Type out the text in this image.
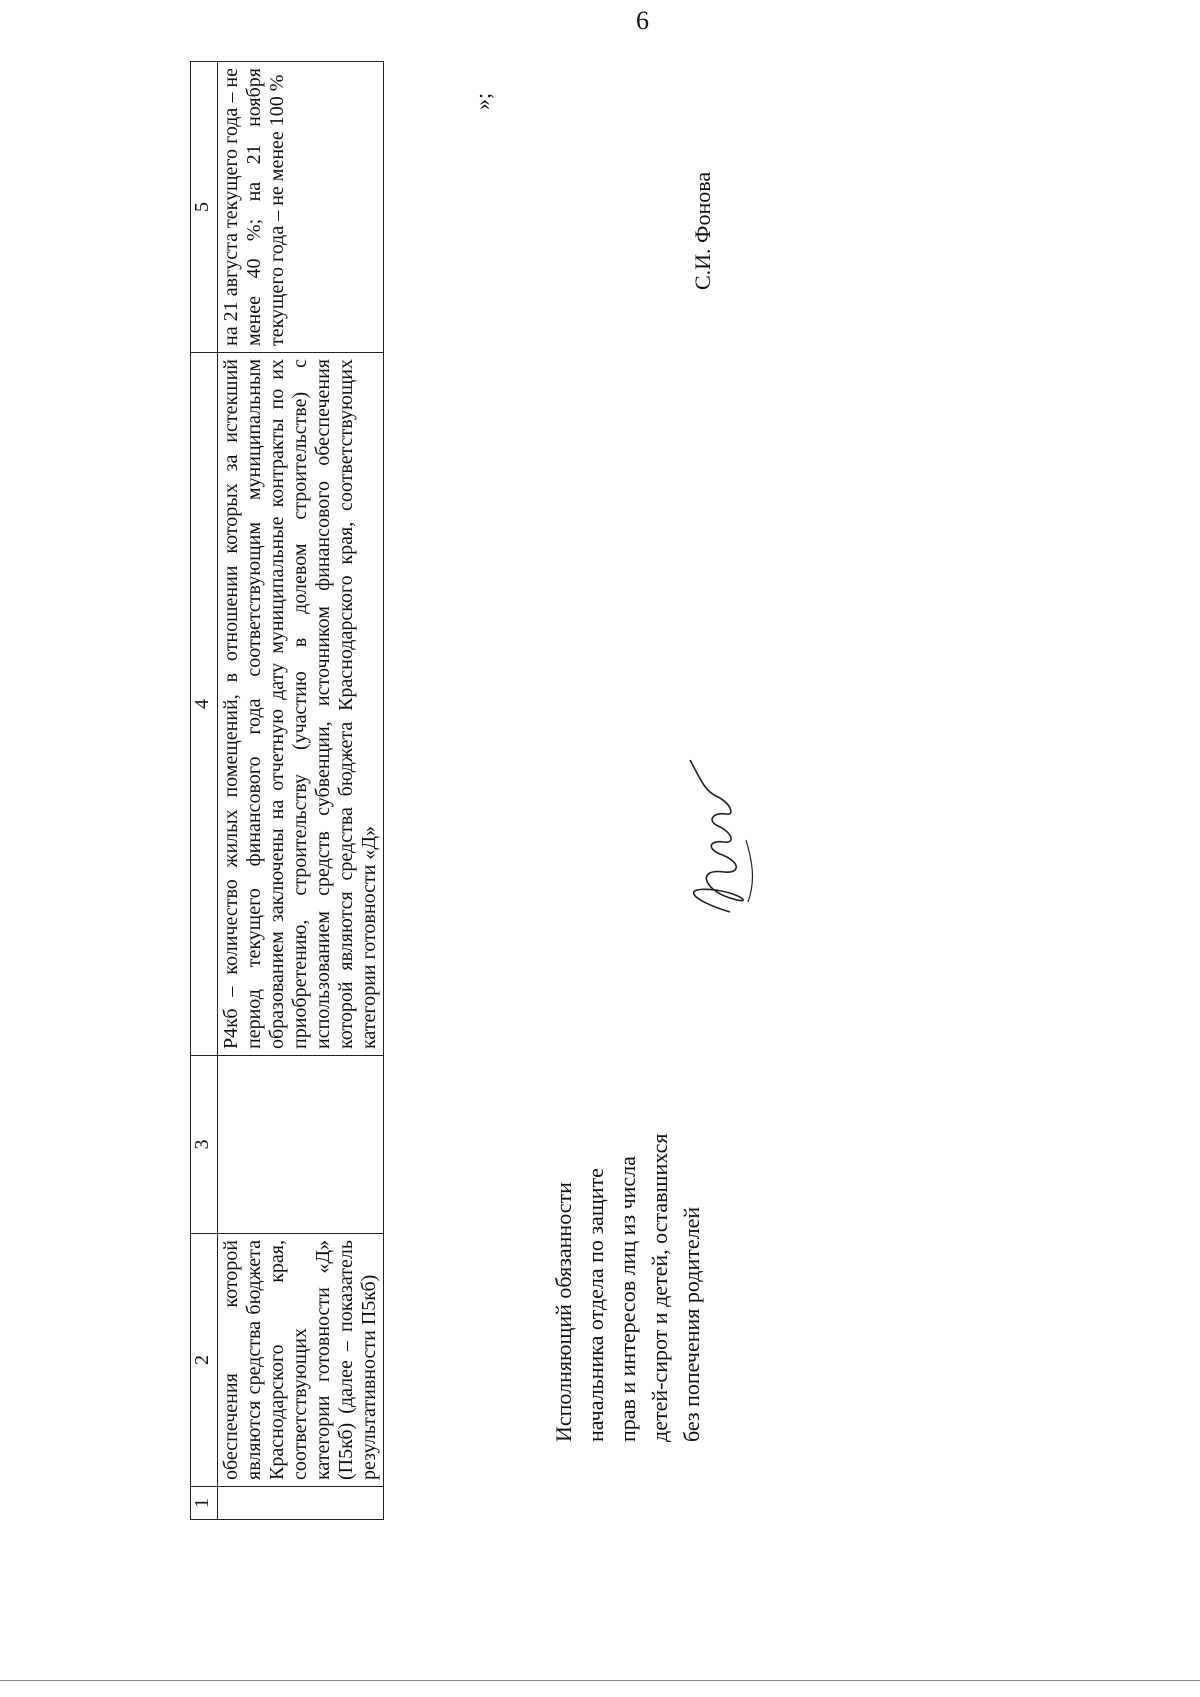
6
1	2	3	4	5
	обеспечения которой являются средства бюджета Краснодарского края, соответствующих категории готовности «Д» (П5кб) (далее – показатель результативности П5кб)		Р4кб – количество жилых помещений, в отношении которых за истекший период текущего финансового года соответствующим муниципальным образованием заключены на отчетную дату муниципальные контракты по их приобретению, строительству (участию в долевом строительстве) с использованием средств субвенции, источником финансового обеспечения которой являются средства бюджета Краснодарского края, соответствующих категории готовности «Д»	на 21 августа текущего года – не менее 40 %; на 21 ноября текущего года – не менее 100 %	»;
Исполняющий обязанности начальника отдела по защите прав и интересов лиц из числа детей-сирот и детей, оставшихся без попечения родителей
С.И. Фонова
